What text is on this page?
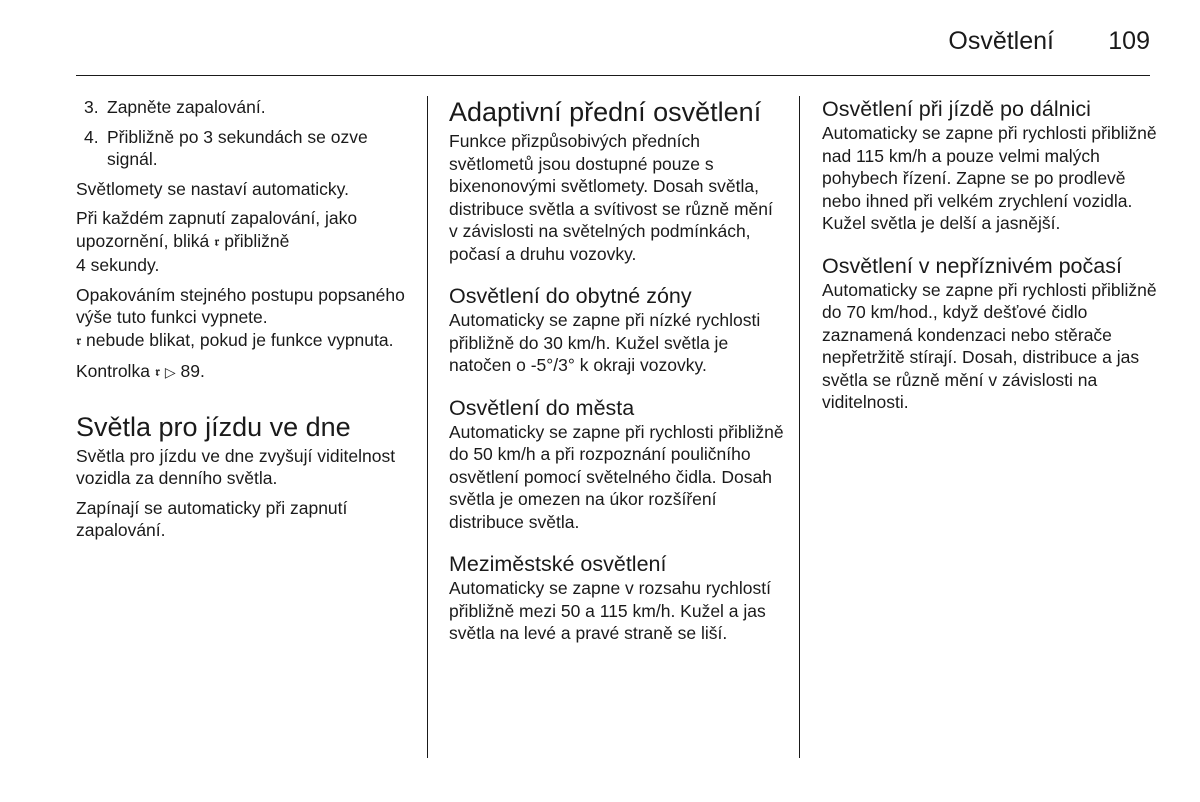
Osvětlení	109

3. Zapněte zapalování.

4. Přibližně po 3 sekundách se ozve signál.

Světlomety se nastaví automaticky.

Při každém zapnutí zapalování, jako upozornění, bliká 𝖗 přibližně
4 sekundy.

Opakováním stejného postupu popsaného výše tuto funkci vypnete.
𝖗 nebude blikat, pokud je funkce vypnuta.

Kontrolka 𝖗 ▷ 89.

Světla pro jízdu ve dne

Světla pro jízdu ve dne zvyšují viditelnost vozidla za denního světla.

Zapínají se automaticky při zapnutí zapalování.

Adaptivní přední osvětlení

Funkce přizpůsobivých předních světlometů jsou dostupné pouze s bixenonovými světlomety. Dosah světla, distribuce světla a svítivost se různě mění v závislosti na světelných podmínkách, počasí a druhu vozovky.

Osvětlení do obytné zóny

Automaticky se zapne při nízké rychlosti přibližně do 30 km/h. Kužel světla je natočen o -5°/3° k okraji vozovky.

Osvětlení do města

Automaticky se zapne při rychlosti přibližně do 50 km/h a při rozpoznání pouličního osvětlení pomocí světelného čidla. Dosah světla je omezen na úkor rozšíření distribuce světla.

Meziměstské osvětlení

Automaticky se zapne v rozsahu rychlostí přibližně mezi 50 a 115 km/h. Kužel a jas světla na levé a pravé straně se liší.

Osvětlení při jízdě po dálnici

Automaticky se zapne při rychlosti přibližně nad 115 km/h a pouze velmi malých pohybech řízení. Zapne se po prodlevě nebo ihned při velkém zrychlení vozidla. Kužel světla je delší a jasnější.

Osvětlení v nepříznivém počasí

Automaticky se zapne při rychlosti přibližně do 70 km/hod., když dešťové čidlo zaznamená kondenzaci nebo stěrače nepřetržitě stírají. Dosah, distribuce a jas světla se různě mění v závislosti na viditelnosti.
